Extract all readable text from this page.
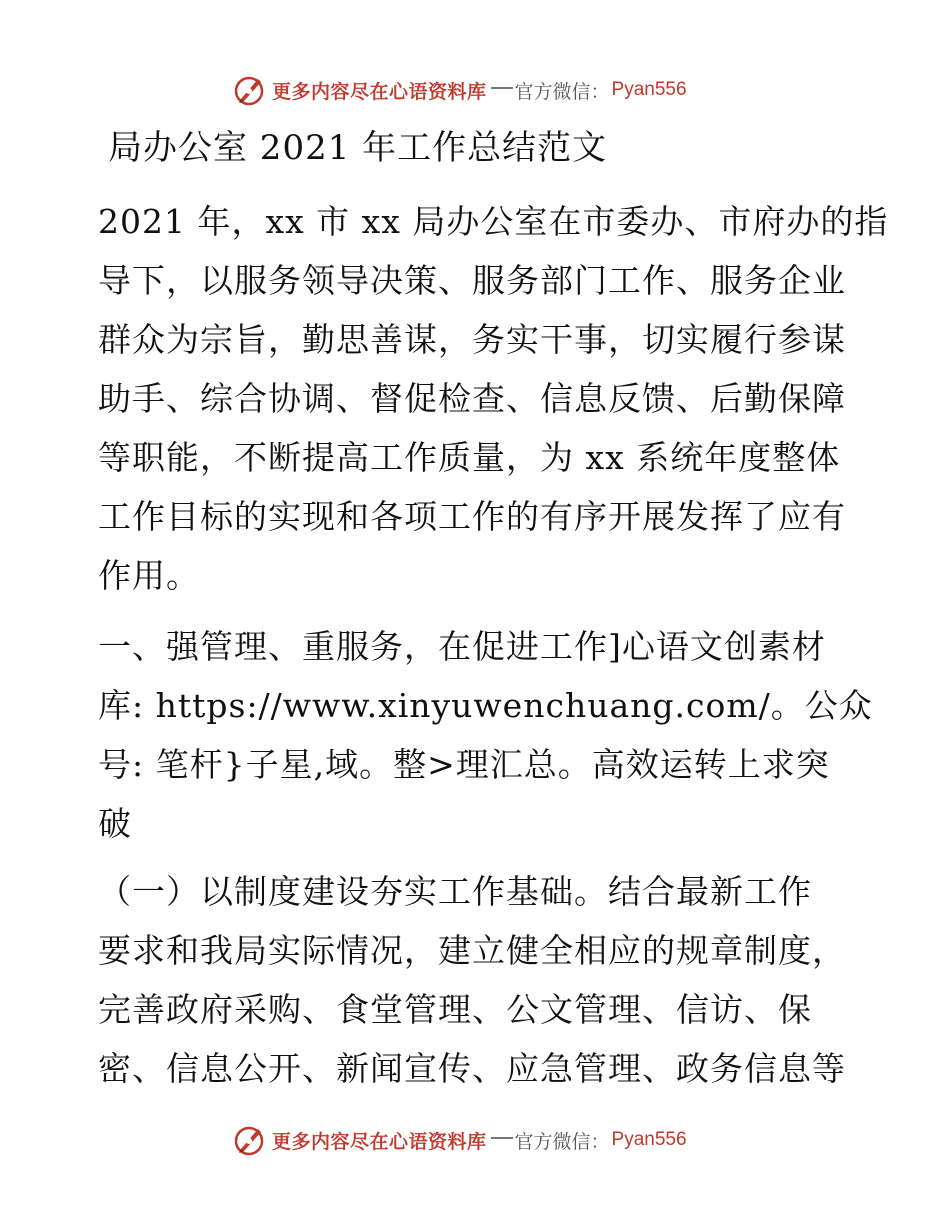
更多内容尽在心语资料库 官方微信： Pyan556
局办公室 2021 年工作总结范文

2021 年，xx 市 xx 局办公室在市委办、市府办的指
导下，以服务领导决策、服务部门工作、服务企业
群众为宗旨，勤思善谋，务实干事，切实履行参谋
助手、综合协调、督促检查、信息反馈、后勤保障
等职能，不断提高工作质量，为 xx 系统年度整体
工作目标的实现和各项工作的有序开展发挥了应有
作用。

一、强管理、重服务，在促进工作]心语文创素材
库: https://www.xinyuwenchuang.com/。公众
号: 笔杆}子星,域。整>理汇总。高效运转上求突
破

（一）以制度建设夯实工作基础。结合最新工作
要求和我局实际情况，建立健全相应的规章制度，
完善政府采购、食堂管理、公文管理、信访、保
密、信息公开、新闻宣传、应急管理、政务信息等

更多内容尽在心语资料库 官方微信： Pyan556
